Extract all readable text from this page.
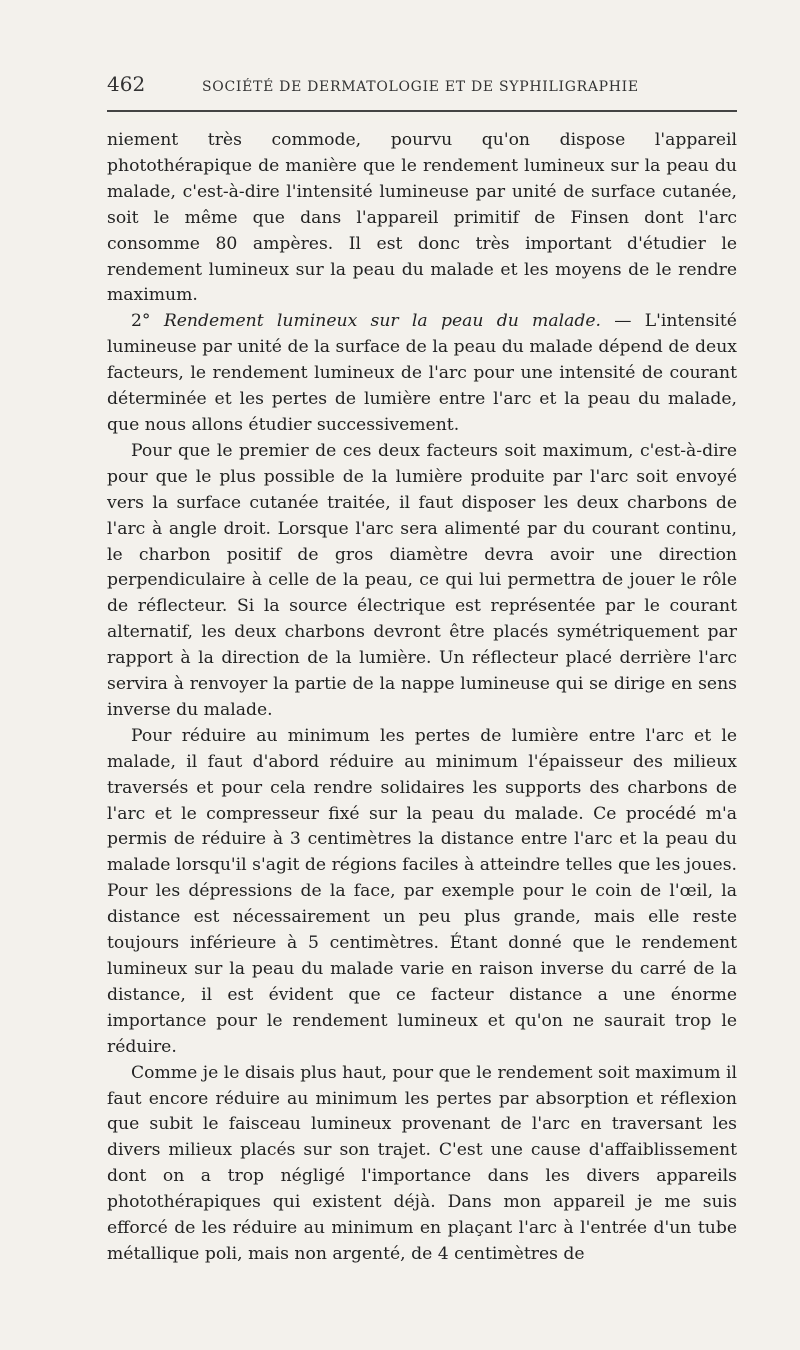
462	SOCIÉTÉ DE DERMATOLOGIE ET DE SYPHILIGRAPHIE

niement très commode, pourvu qu'on dispose l'appareil photothérapique de manière que le rendement lumineux sur la peau du malade, c'est-à-dire l'intensité lumineuse par unité de surface cutanée, soit le même que dans l'appareil primitif de Finsen dont l'arc consomme 80 ampères. Il est donc très important d'étudier le rendement lumineux sur la peau du malade et les moyens de le rendre maximum.

2° Rendement lumineux sur la peau du malade. — L'intensité lumineuse par unité de la surface de la peau du malade dépend de deux facteurs, le rendement lumineux de l'arc pour une intensité de courant déterminée et les pertes de lumière entre l'arc et la peau du malade, que nous allons étudier successivement.

Pour que le premier de ces deux facteurs soit maximum, c'est-à-dire pour que le plus possible de la lumière produite par l'arc soit envoyé vers la surface cutanée traitée, il faut disposer les deux charbons de l'arc à angle droit. Lorsque l'arc sera alimenté par du courant continu, le charbon positif de gros diamètre devra avoir une direction perpendiculaire à celle de la peau, ce qui lui permettra de jouer le rôle de réflecteur. Si la source électrique est représentée par le courant alternatif, les deux charbons devront être placés symétriquement par rapport à la direction de la lumière. Un réflecteur placé derrière l'arc servira à renvoyer la partie de la nappe lumineuse qui se dirige en sens inverse du malade.

Pour réduire au minimum les pertes de lumière entre l'arc et le malade, il faut d'abord réduire au minimum l'épaisseur des milieux traversés et pour cela rendre solidaires les supports des charbons de l'arc et le compresseur fixé sur la peau du malade. Ce procédé m'a permis de réduire à 3 centimètres la distance entre l'arc et la peau du malade lorsqu'il s'agit de régions faciles à atteindre telles que les joues. Pour les dépressions de la face, par exemple pour le coin de l'œil, la distance est nécessairement un peu plus grande, mais elle reste toujours inférieure à 5 centimètres. Étant donné que le rendement lumineux sur la peau du malade varie en raison inverse du carré de la distance, il est évident que ce facteur distance a une énorme importance pour le rendement lumineux et qu'on ne saurait trop le réduire.

Comme je le disais plus haut, pour que le rendement soit maximum il faut encore réduire au minimum les pertes par absorption et réflexion que subit le faisceau lumineux provenant de l'arc en traversant les divers milieux placés sur son trajet. C'est une cause d'affaiblissement dont on a trop négligé l'importance dans les divers appareils photothérapiques qui existent déjà. Dans mon appareil je me suis efforcé de les réduire au minimum en plaçant l'arc à l'entrée d'un tube métallique poli, mais non argenté, de 4 centimètres de
